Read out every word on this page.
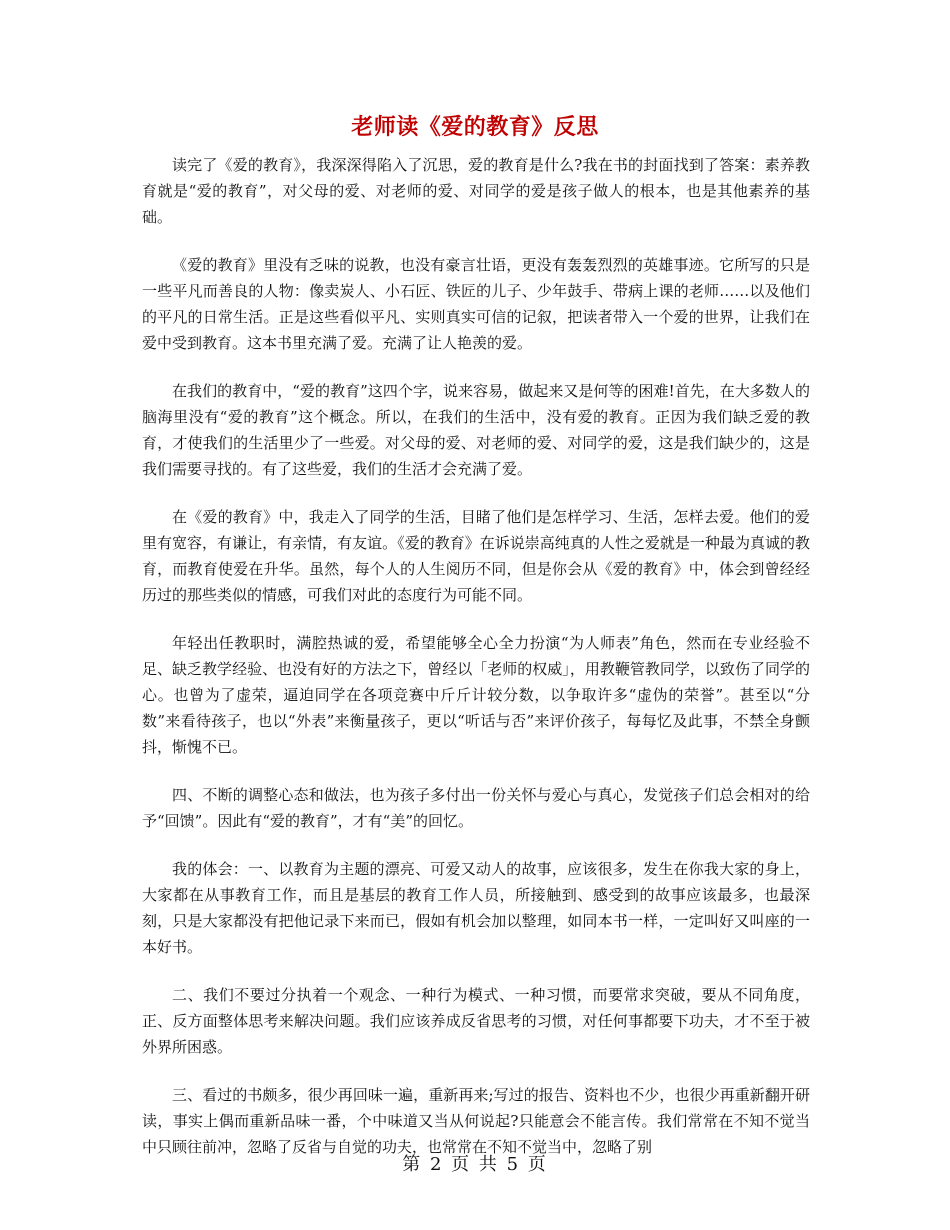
老师读《爱的教育》反思

读完了《爱的教育》，我深深得陷入了沉思，爱的教育是什么?我在书的封面找到了答案：素养教育就是“爱的教育”，对父母的爱、对老师的爱、对同学的爱是孩子做人的根本，也是其他素养的基础。

《爱的教育》里没有乏味的说教，也没有豪言壮语，更没有轰轰烈烈的英雄事迹。它所写的只是一些平凡而善良的人物：像卖炭人、小石匠、铁匠的儿子、少年鼓手、带病上课的老师……以及他们的平凡的日常生活。正是这些看似平凡、实则真实可信的记叙，把读者带入一个爱的世界，让我们在爱中受到教育。这本书里充满了爱。充满了让人艳羡的爱。

在我们的教育中，“爱的教育”这四个字，说来容易，做起来又是何等的困难!首先，在大多数人的脑海里没有“爱的教育”这个概念。所以，在我们的生活中，没有爱的教育。正因为我们缺乏爱的教育，才使我们的生活里少了一些爱。对父母的爱、对老师的爱、对同学的爱，这是我们缺少的，这是我们需要寻找的。有了这些爱，我们的生活才会充满了爱。

在《爱的教育》中，我走入了同学的生活，目睹了他们是怎样学习、生活，怎样去爱。他们的爱里有宽容，有谦让，有亲情，有友谊。《爱的教育》在诉说崇高纯真的人性之爱就是一种最为真诚的教育，而教育使爱在升华。虽然，每个人的人生阅历不同，但是你会从《爱的教育》中，体会到曾经经历过的那些类似的情感，可我们对此的态度行为可能不同。

年轻出任教职时，满腔热诚的爱，希望能够全心全力扮演“为人师表”角色，然而在专业经验不足、缺乏教学经验、也没有好的方法之下，曾经以「老师的权威」，用教鞭管教同学，以致伤了同学的心。也曾为了虚荣，逼迫同学在各项竞赛中斤斤计较分数，以争取许多“虚伪的荣誉”。甚至以“分数”来看待孩子，也以“外表”来衡量孩子，更以“听话与否”来评价孩子，每每忆及此事，不禁全身颤抖，惭愧不已。

四、不断的调整心态和做法，也为孩子多付出一份关怀与爱心与真心，发觉孩子们总会相对的给予“回馈”。因此有“爱的教育”，才有“美”的回忆。

我的体会：一、以教育为主题的漂亮、可爱又动人的故事，应该很多，发生在你我大家的身上，大家都在从事教育工作，而且是基层的教育工作人员，所接触到、感受到的故事应该最多，也最深刻，只是大家都没有把他记录下来而已，假如有机会加以整理，如同本书一样，一定叫好又叫座的一本好书。

二、我们不要过分执着一个观念、一种行为模式、一种习惯，而要常求突破，要从不同角度，正、反方面整体思考来解决问题。我们应该养成反省思考的习惯，对任何事都要下功夫，才不至于被外界所困惑。

三、看过的书颇多，很少再回味一遍，重新再来;写过的报告、资料也不少，也很少再重新翻开研读，事实上偶而重新品味一番，个中味道又当从何说起?只能意会不能言传。我们常常在不知不觉当中只顾往前冲，忽略了反省与自觉的功夫，也常常在不知不觉当中，忽略了别

第 2 页 共 5 页
